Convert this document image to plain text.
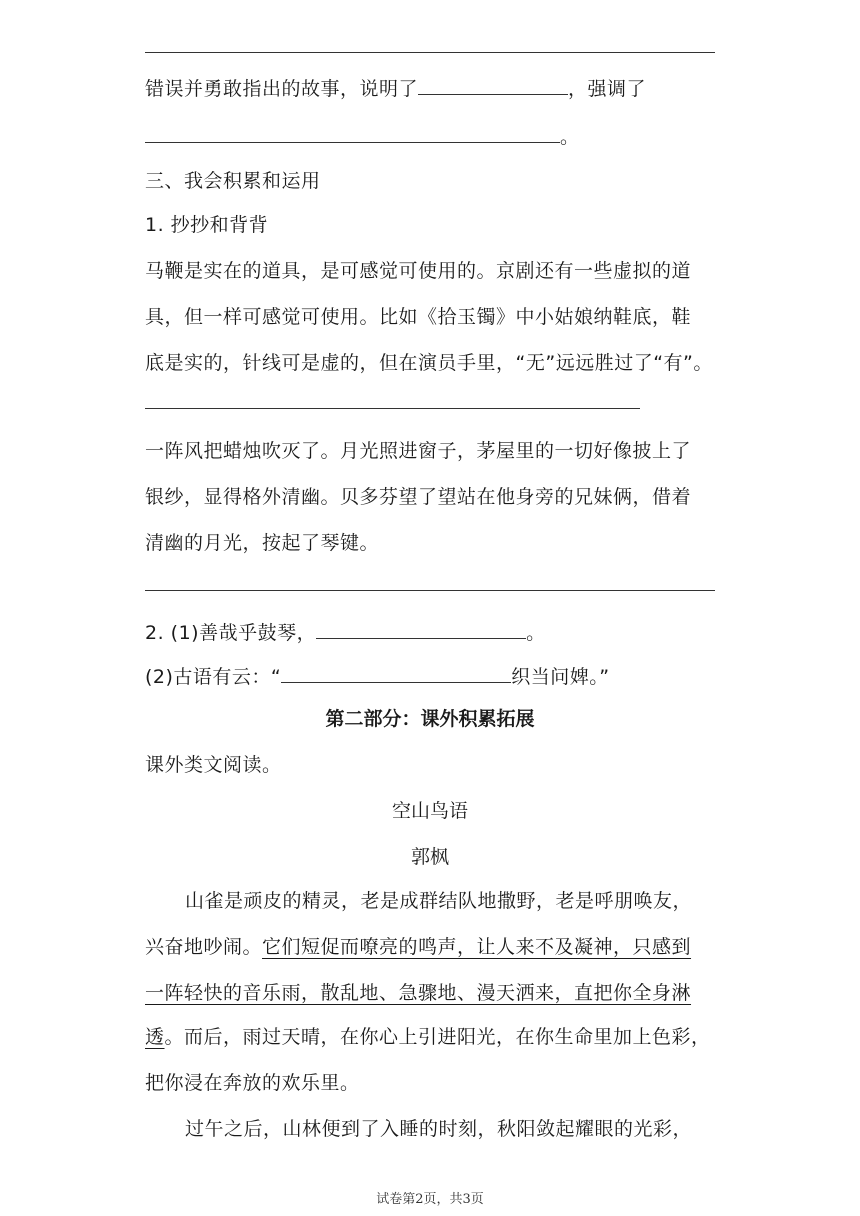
错误并勇敢指出的故事，说明了	，强调了
。
三、我会积累和运用
1. 抄抄和背背
马鞭是实在的道具，是可感觉可使用的。京剧还有一些虚拟的道
具，但一样可感觉可使用。比如《拾玉镯》中小姑娘纳鞋底，鞋
底是实的，针线可是虚的，但在演员手里，“无”远远胜过了“有”。
一阵风把蜡烛吹灭了。月光照进窗子，茅屋里的一切好像披上了
银纱，显得格外清幽。贝多芬望了望站在他身旁的兄妹俩，借着
清幽的月光，按起了琴键。
2. (1)善哉乎鼓琴，	。
(2)古语有云：“	织当问婢。”
第二部分：课外积累拓展
课外类文阅读。
空山鸟语
郭枫
山雀是顽皮的精灵，老是成群结队地撒野，老是呼朋唤友，
兴奋地吵闹。它们短促而嘹亮的鸣声，让人来不及凝神，只感到
一阵轻快的音乐雨，散乱地、急骤地、漫天洒来，直把你全身淋
透。而后，雨过天晴，在你心上引进阳光，在你生命里加上色彩，
把你浸在奔放的欢乐里。
过午之后，山林便到了入睡的时刻，秋阳敛起耀眼的光彩，
试卷第2页，共3页
